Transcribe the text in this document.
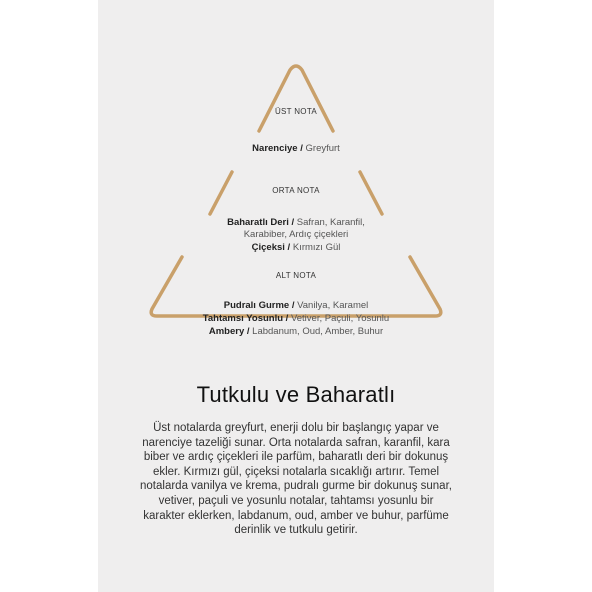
ÜST NOTA
Narenciye / Greyfurt
ORTA NOTA
Baharatlı Deri / Safran, Karanfil,
Karabiber, Ardıç çiçekleri
Çiçeksi / Kırmızı Gül
ALT NOTA
Pudralı Gurme / Vanilya, Karamel
Tahtamsı Yosunlu / Vetiver, Paçuli, Yosunlu
Ambery / Labdanum, Oud, Amber, Buhur
Tutkulu ve Baharatlı
Üst notalarda greyfurt, enerji dolu bir başlangıç yapar ve narenciye tazeliği sunar. Orta notalarda safran, karanfil, kara biber ve ardıç çiçekleri ile parfüm, baharatlı deri bir dokunuş ekler. Kırmızı gül, çiçeksi notalarla sıcaklığı artırır. Temel notalarda vanilya ve krema, pudralı gurme bir dokunuş sunar, vetiver, paçuli ve yosunlu notalar, tahtamsı yosunlu bir karakter eklerken, labdanum, oud, amber ve buhur, parfüme derinlik ve tutkulu getirir.
